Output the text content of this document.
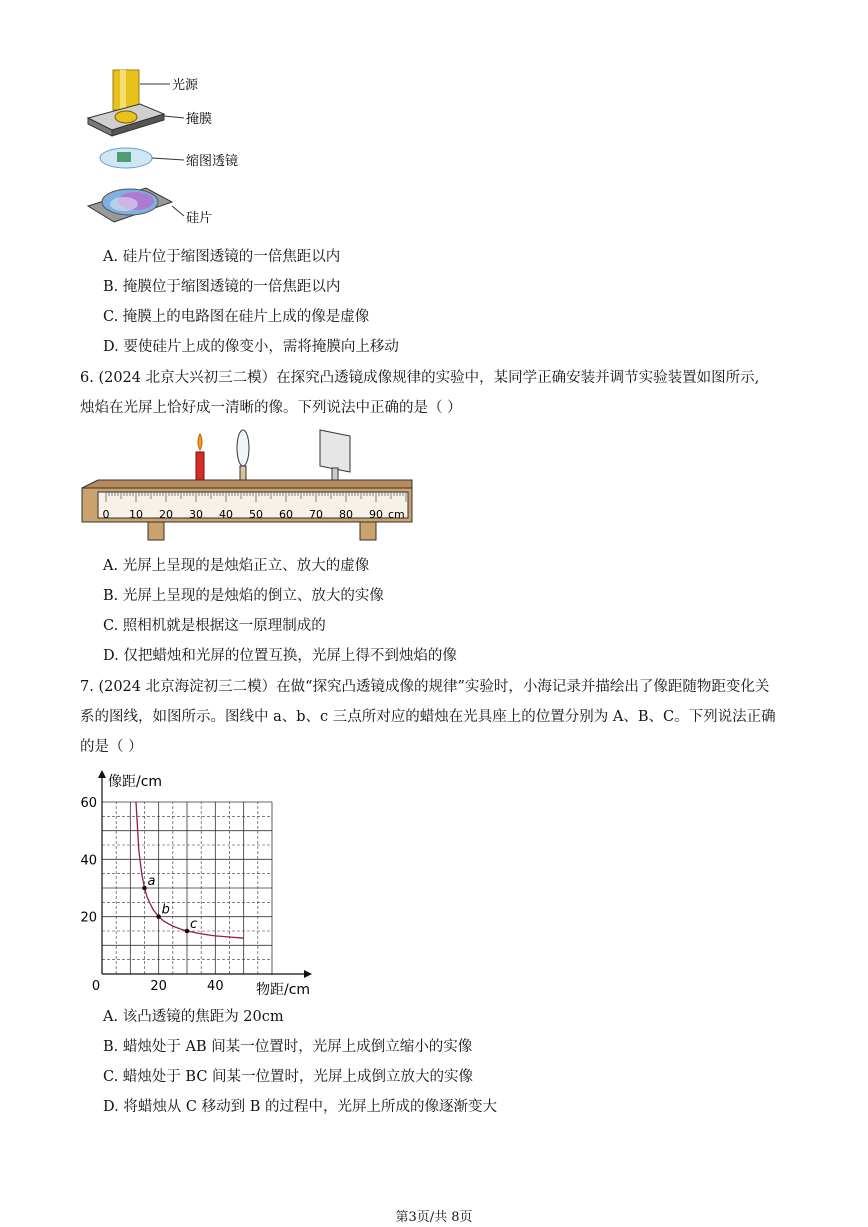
光源
掩膜
缩图透镜
硅片
A. 硅片位于缩图透镜的一倍焦距以内
B. 掩膜位于缩图透镜的一倍焦距以内
C. 掩膜上的电路图在硅片上成的像是虚像
D. 要使硅片上成的像变小，需将掩膜向上移动
6. (2024 北京大兴初三二模）在探究凸透镜成像规律的实验中，某同学正确安装并调节实验装置如图所示,
烛焰在光屏上恰好成一清晰的像。下列说法中正确的是（ ）
0 10 20 30 40 50 60 70 80 90 cm
A. 光屏上呈现的是烛焰正立、放大的虚像
B. 光屏上呈现的是烛焰的倒立、放大的实像
C. 照相机就是根据这一原理制成的
D. 仅把蜡烛和光屏的位置互换，光屏上得不到烛焰的像
7. (2024 北京海淀初三二模）在做“探究凸透镜成像的规律”实验时，小海记录并描绘出了像距随物距变化关
系的图线，如图所示。图线中 a、b、c 三点所对应的蜡烛在光具座上的位置分别为 A、B、C。下列说法正确
的是（ ）
0	20	40
20
40
60
像距/cm
物距/cm
a
b
c
A. 该凸透镜的焦距为 20cm
B. 蜡烛处于 AB 间某一位置时，光屏上成倒立缩小的实像
C. 蜡烛处于 BC 间某一位置时，光屏上成倒立放大的实像
D. 将蜡烛从 C 移动到 B 的过程中，光屏上所成的像逐渐变大
第3页/共 8页
